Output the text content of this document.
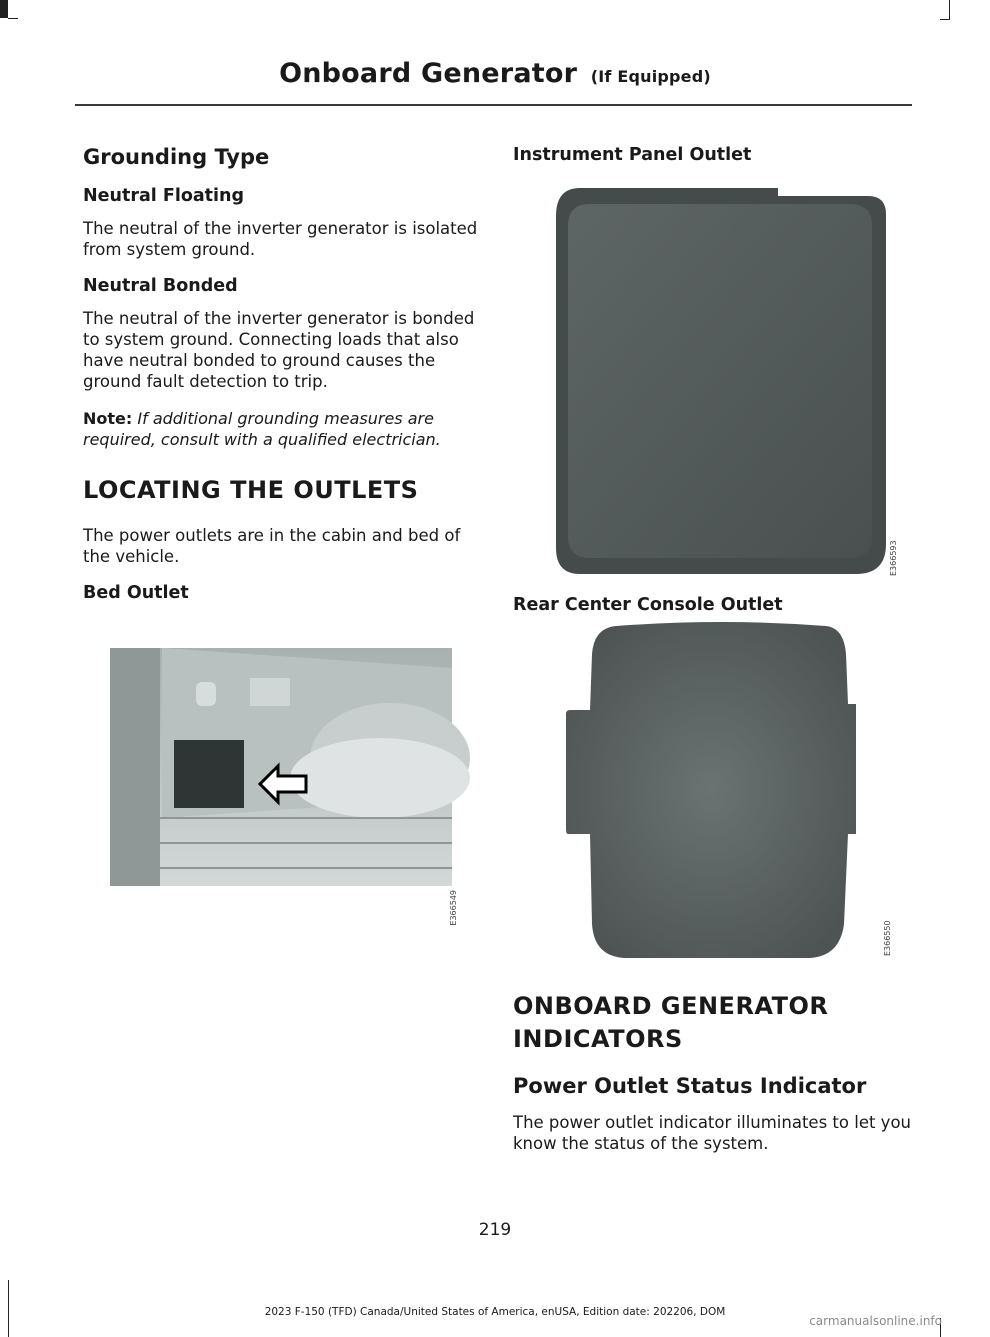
Onboard Generator (If Equipped)
Grounding Type
Neutral Floating
The neutral of the inverter generator is isolated from system ground.
Neutral Bonded
The neutral of the inverter generator is bonded to system ground. Connecting loads that also have neutral bonded to ground causes the ground fault detection to trip.
Note: If additional grounding measures are required, consult with a qualified electrician.
LOCATING THE OUTLETS
The power outlets are in the cabin and bed of the vehicle.
Bed Outlet
E366549
Instrument Panel Outlet
E366593
Rear Center Console Outlet
E366550
ONBOARD GENERATOR
INDICATORS
Power Outlet Status Indicator
The power outlet indicator illuminates to let you know the status of the system.
219
2023 F-150 (TFD) Canada/United States of America, enUSA, Edition date: 202206, DOM
carmanualsonline.info
